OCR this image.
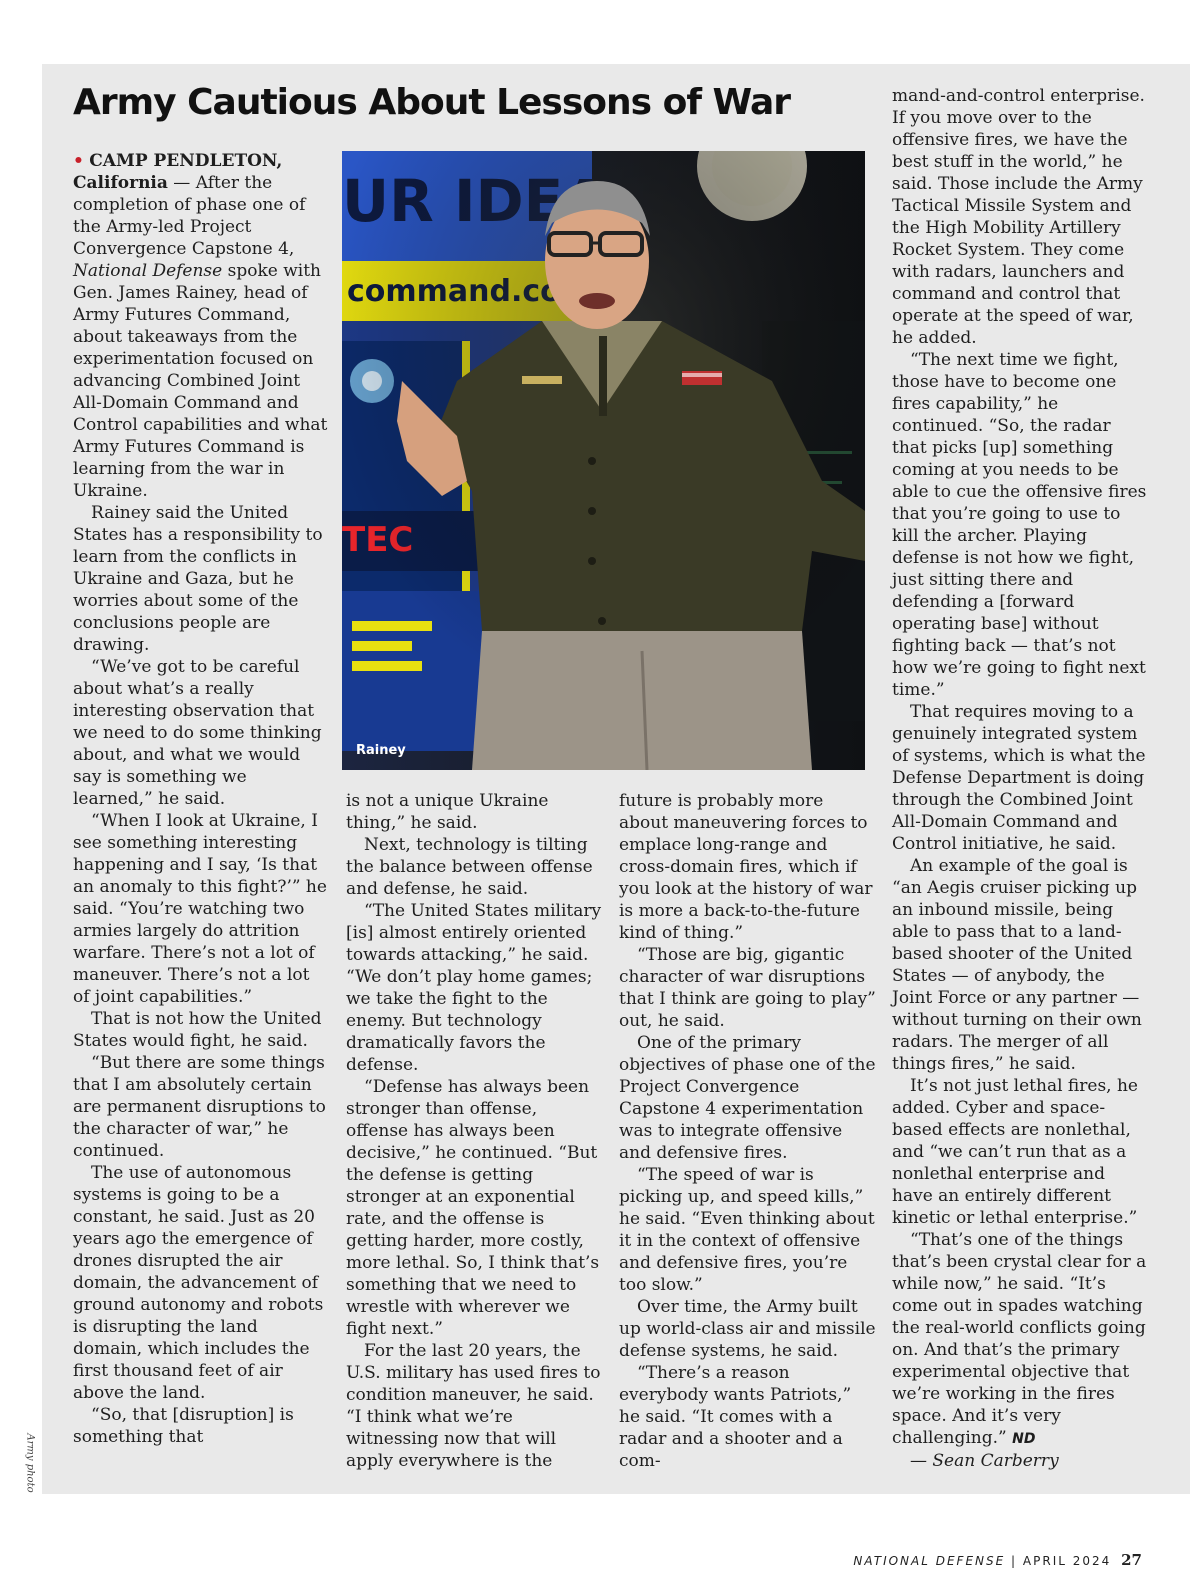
Army Cautious About Lessons of War

• CAMP PENDLETON, California — After the completion of phase one of the Army-led Project Convergence Capstone 4, National Defense spoke with Gen. James Rainey, head of Army Futures Command, about takeaways from the experimentation focused on advancing Combined Joint All-Domain Command and Control capabilities and what Army Futures Command is learning from the war in Ukraine.

Rainey said the United States has a responsibility to learn from the conflicts in Ukraine and Gaza, but he worries about some of the conclusions people are drawing.

“We’ve got to be careful about what’s a really interesting observation that we need to do some thinking about, and what we would say is something we learned,” he said.

“When I look at Ukraine, I see something interesting happening and I say, ‘Is that an anomaly to this fight?’” he said. “You’re watching two armies largely do attrition warfare. There’s not a lot of maneuver. There’s not a lot of joint capabilities.”

That is not how the United States would fight, he said.

“But there are some things that I am absolutely certain are permanent disruptions to the character of war,” he continued.

The use of autonomous systems is going to be a constant, he said. Just as 20 years ago the emergence of drones disrupted the air domain, the advancement of ground autonomy and robots is disrupting the land domain, which includes the first thousand feet of air above the land.

“So, that [disruption] is something that

Rainey

is not a unique Ukraine thing,” he said.

Next, technology is tilting the balance between offense and defense, he said.

“The United States military [is] almost entirely oriented towards attacking,” he said. “We don’t play home games; we take the fight to the enemy. But technology dramatically favors the defense.

“Defense has always been stronger than offense, offense has always been decisive,” he continued. “But the defense is getting stronger at an exponential rate, and the offense is getting harder, more costly, more lethal. So, I think that’s something that we need to wrestle with wherever we fight next.”

For the last 20 years, the U.S. military has used fires to condition maneuver, he said. “I think what we’re witnessing now that will apply everywhere is the

future is probably more about maneuvering forces to emplace long-range and cross-domain fires, which if you look at the history of war is more a back-to-the-future kind of thing.”

“Those are big, gigantic character of war disruptions that I think are going to play” out, he said.

One of the primary objectives of phase one of the Project Convergence Capstone 4 experimentation was to integrate offensive and defensive fires.

“The speed of war is picking up, and speed kills,” he said. “Even thinking about it in the context of offensive and defensive fires, you’re too slow.”

Over time, the Army built up world-class air and missile defense systems, he said.

“There’s a reason everybody wants Patriots,” he said. “It comes with a radar and a shooter and a com-

mand-and-control enterprise. If you move over to the offensive fires, we have the best stuff in the world,” he said. Those include the Army Tactical Missile System and the High Mobility Artillery Rocket System. They come with radars, launchers and command and control that operate at the speed of war, he added.

“The next time we fight, those have to become one fires capability,” he continued. “So, the radar that picks [up] something coming at you needs to be able to cue the offensive fires that you’re going to use to kill the archer. Playing defense is not how we fight, just sitting there and defending a [forward operating base] without fighting back — that’s not how we’re going to fight next time.”

That requires moving to a genuinely integrated system of systems, which is what the Defense Department is doing through the Combined Joint All-Domain Command and Control initiative, he said.

An example of the goal is “an Aegis cruiser picking up an inbound missile, being able to pass that to a land-based shooter of the United States — of anybody, the Joint Force or any partner — without turning on their own radars. The merger of all things fires,” he said.

It’s not just lethal fires, he added. Cyber and space-based effects are nonlethal, and “we can’t run that as a nonlethal enterprise and have an entirely different kinetic or lethal enterprise.”

“That’s one of the things that’s been crystal clear for a while now,” he said. “It’s come out in spades watching the real-world conflicts going on. And that’s the primary experimental objective that we’re working in the fires space. And it’s very challenging.” ND

— Sean Carberry

Army photo
NATIONAL DEFENSE | APRIL 2024 27
